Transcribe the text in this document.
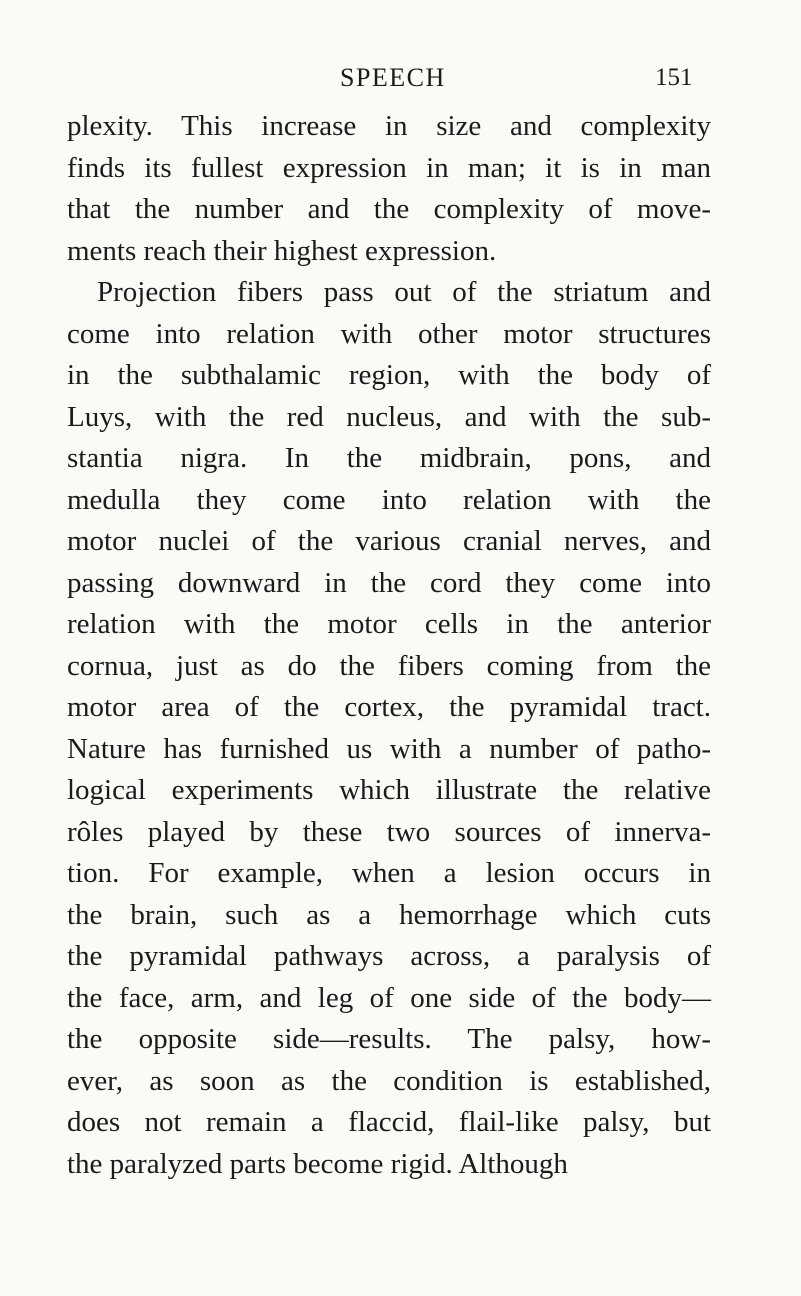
SPEECH	151
plexity. This increase in size and complexity
finds its fullest expression in man; it is in man
that the number and the complexity of move-
ments reach their highest expression.
Projection fibers pass out of the striatum and
come into relation with other motor structures
in the subthalamic region, with the body of
Luys, with the red nucleus, and with the sub-
stantia nigra. In the midbrain, pons, and
medulla they come into relation with the
motor nuclei of the various cranial nerves, and
passing downward in the cord they come into
relation with the motor cells in the anterior
cornua, just as do the fibers coming from the
motor area of the cortex, the pyramidal tract.
Nature has furnished us with a number of patho-
logical experiments which illustrate the relative
rôles played by these two sources of innerva-
tion. For example, when a lesion occurs in
the brain, such as a hemorrhage which cuts
the pyramidal pathways across, a paralysis of
the face, arm, and leg of one side of the body—
the opposite side—results. The palsy, how-
ever, as soon as the condition is established,
does not remain a flaccid, flail-like palsy, but
the paralyzed parts become rigid. Although
